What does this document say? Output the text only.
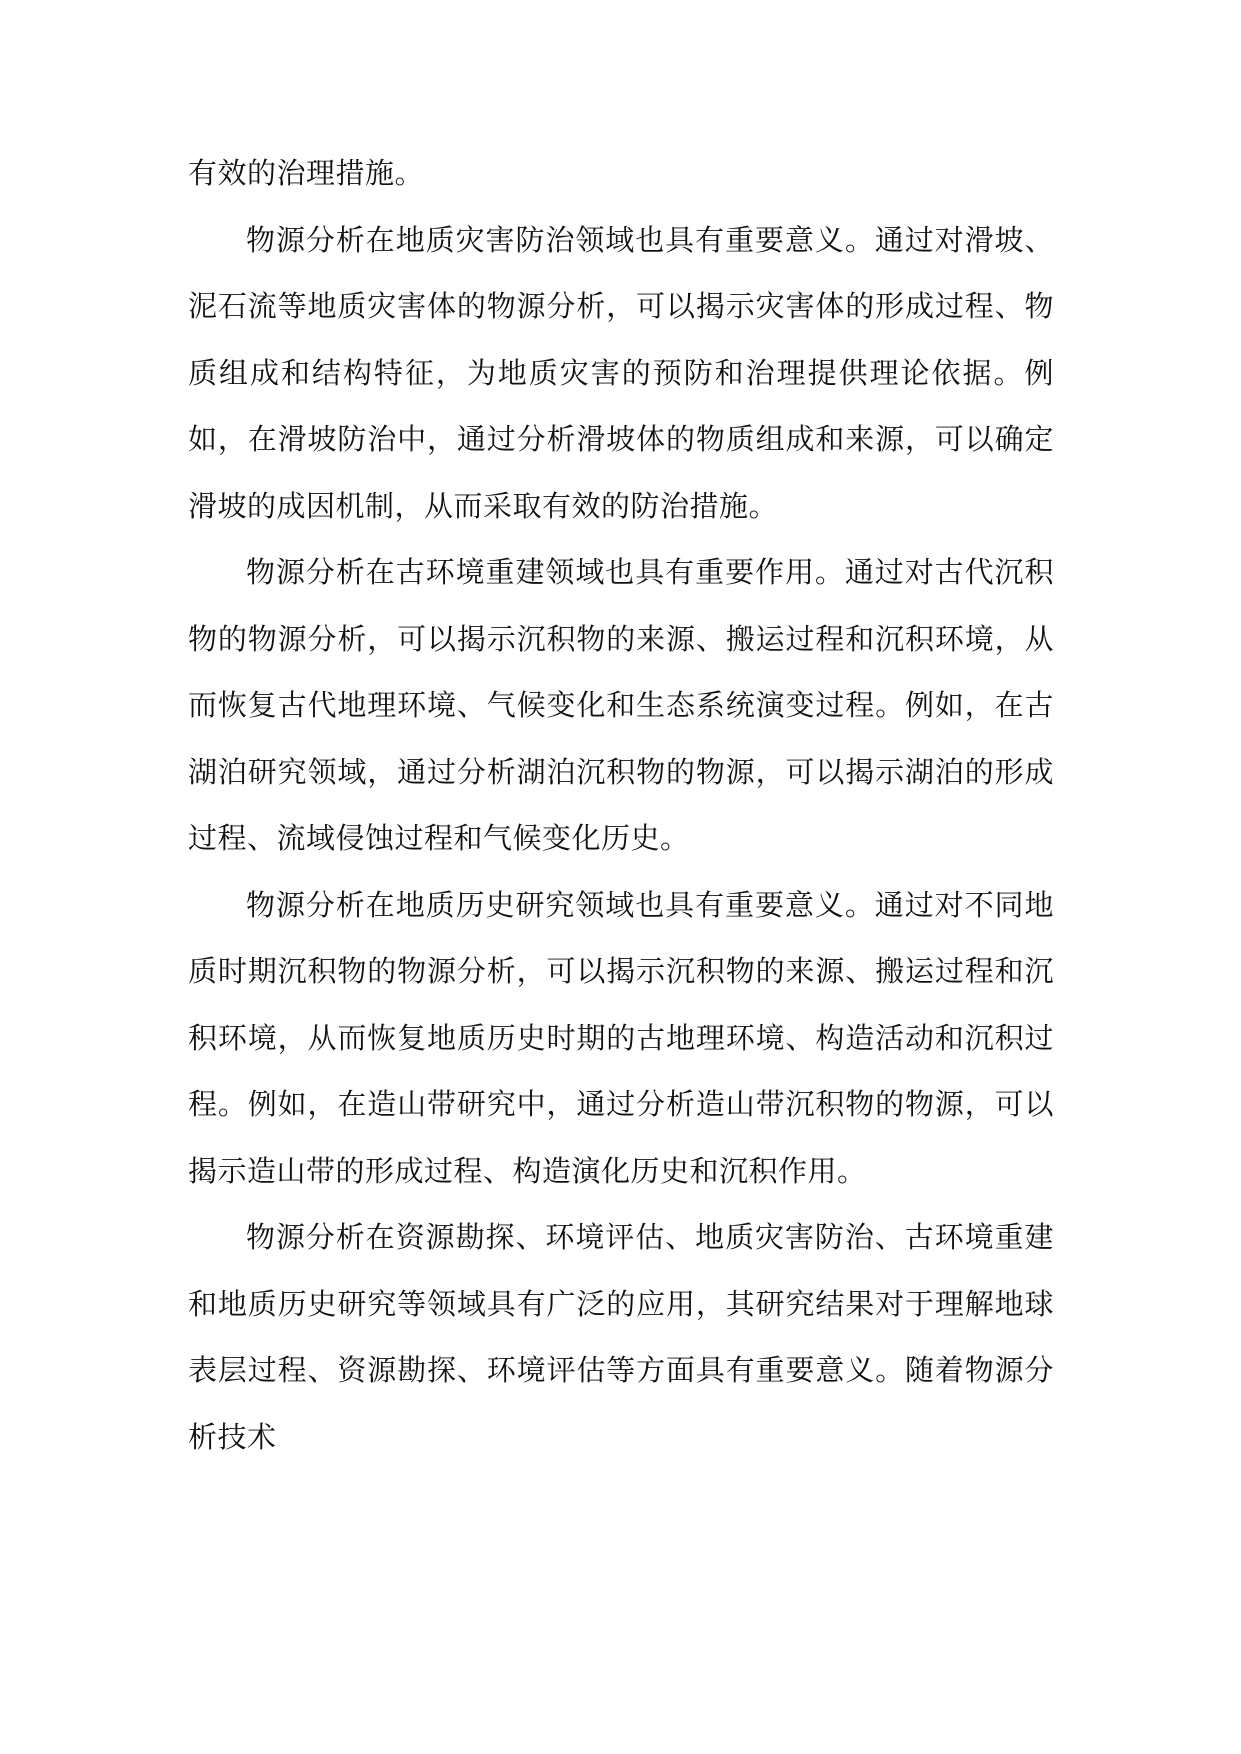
有效的治理措施。

物源分析在地质灾害防治领域也具有重要意义。通过对滑坡、泥石流等地质灾害体的物源分析，可以揭示灾害体的形成过程、物质组成和结构特征，为地质灾害的预防和治理提供理论依据。例如，在滑坡防治中，通过分析滑坡体的物质组成和来源，可以确定滑坡的成因机制，从而采取有效的防治措施。

物源分析在古环境重建领域也具有重要作用。通过对古代沉积物的物源分析，可以揭示沉积物的来源、搬运过程和沉积环境，从而恢复古代地理环境、气候变化和生态系统演变过程。例如，在古湖泊研究领域，通过分析湖泊沉积物的物源，可以揭示湖泊的形成过程、流域侵蚀过程和气候变化历史。

物源分析在地质历史研究领域也具有重要意义。通过对不同地质时期沉积物的物源分析，可以揭示沉积物的来源、搬运过程和沉积环境，从而恢复地质历史时期的古地理环境、构造活动和沉积过程。例如，在造山带研究中，通过分析造山带沉积物的物源，可以揭示造山带的形成过程、构造演化历史和沉积作用。

物源分析在资源勘探、环境评估、地质灾害防治、古环境重建和地质历史研究等领域具有广泛的应用，其研究结果对于理解地球表层过程、资源勘探、环境评估等方面具有重要意义。随着物源分析技术
